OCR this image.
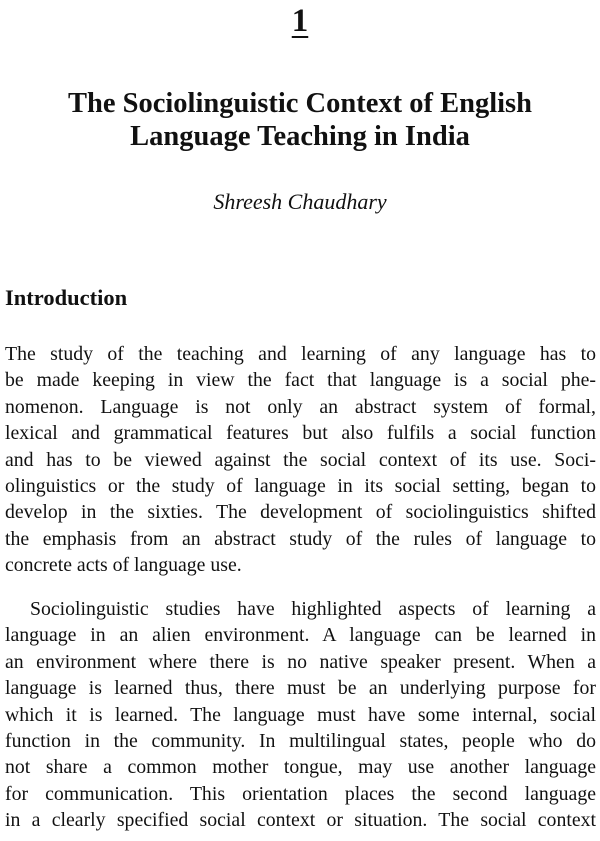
1
The Sociolinguistic Context of English
Language Teaching in India
Shreesh Chaudhary
Introduction
The study of the teaching and learning of any language has to
be made keeping in view the fact that language is a social phe-
nomenon. Language is not only an abstract system of formal,
lexical and grammatical features but also fulfils a social function
and has to be viewed against the social context of its use. Soci-
olinguistics or the study of language in its social setting, began to
develop in the sixties. The development of sociolinguistics shifted
the emphasis from an abstract study of the rules of language to
concrete acts of language use.
Sociolinguistic studies have highlighted aspects of learning a
language in an alien environment. A language can be learned in
an environment where there is no native speaker present. When a
language is learned thus, there must be an underlying purpose for
which it is learned. The language must have some internal, social
function in the community. In multilingual states, people who do
not share a common mother tongue, may use another language
for communication. This orientation places the second language
in a clearly specified social context or situation. The social context
